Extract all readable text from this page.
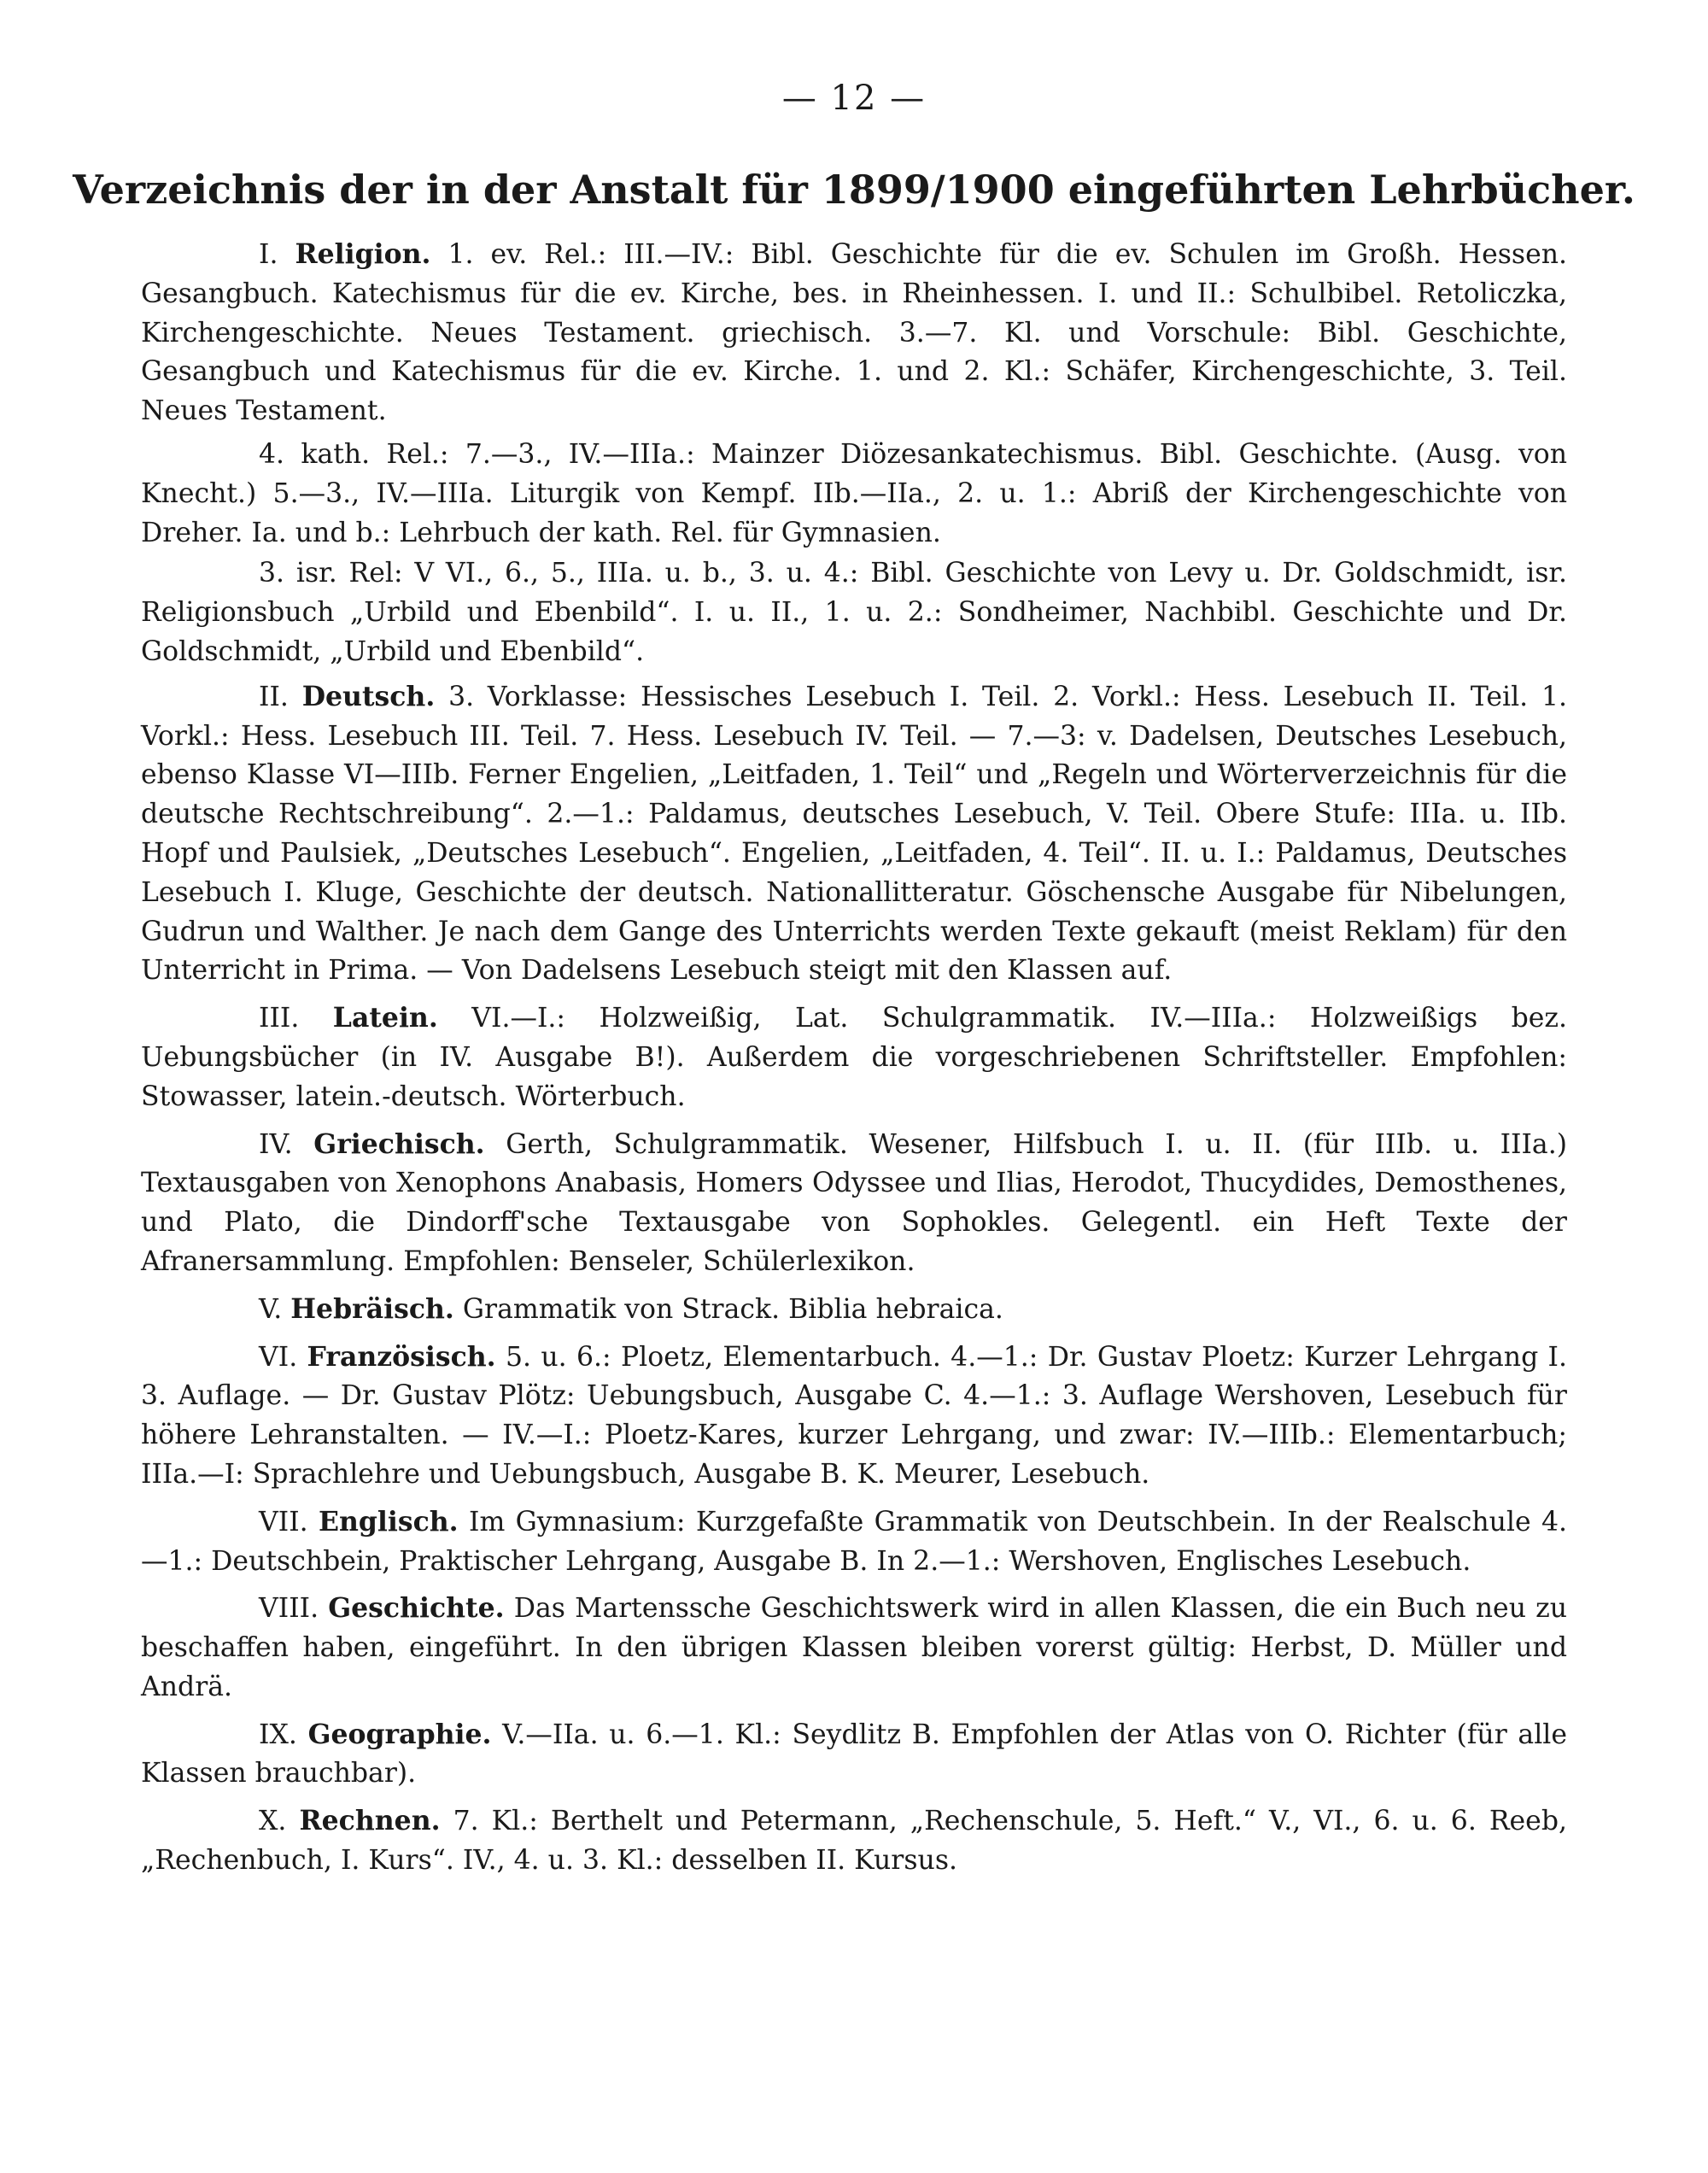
— 12 —
Verzeichnis der in der Anstalt für 1899/1900 eingeführten Lehrbücher.

I. Religion. 1. ev. Rel.: III.—IV.: Bibl. Geschichte für die ev. Schulen im Großh. Hessen. Gesangbuch. Katechismus für die ev. Kirche, bes. in Rheinhessen. I. und II.: Schulbibel. Retoliczka, Kirchengeschichte. Neues Testament. griechisch. 3.—7. Kl. und Vorschule: Bibl. Geschichte, Gesangbuch und Katechismus für die ev. Kirche. 1. und 2. Kl.: Schäfer, Kirchengeschichte, 3. Teil. Neues Testament.

4. kath. Rel.: 7.—3., IV.—IIIa.: Mainzer Diözesankatechismus. Bibl. Geschichte. (Ausg. von Knecht.) 5.—3., IV.—IIIa. Liturgik von Kempf. IIb.—IIa., 2. u. 1.: Abriß der Kirchengeschichte von Dreher. Ia. und b.: Lehrbuch der kath. Rel. für Gymnasien.

3. isr. Rel: V VI., 6., 5., IIIa. u. b., 3. u. 4.: Bibl. Geschichte von Levy u. Dr. Goldschmidt, isr. Religionsbuch „Urbild und Ebenbild“. I. u. II., 1. u. 2.: Sondheimer, Nachbibl. Geschichte und Dr. Goldschmidt, „Urbild und Ebenbild“.

II. Deutsch. 3. Vorklasse: Hessisches Lesebuch I. Teil. 2. Vorkl.: Hess. Lesebuch II. Teil. 1. Vorkl.: Hess. Lesebuch III. Teil. 7. Hess. Lesebuch IV. Teil. — 7.—3: v. Dadelsen, Deutsches Lesebuch, ebenso Klasse VI—IIIb. Ferner Engelien, „Leitfaden, 1. Teil“ und „Regeln und Wörterverzeichnis für die deutsche Rechtschreibung“. 2.—1.: Paldamus, deutsches Lesebuch, V. Teil. Obere Stufe: IIIa. u. IIb. Hopf und Paulsiek, „Deutsches Lesebuch“. Engelien, „Leitfaden, 4. Teil“. II. u. I.: Paldamus, Deutsches Lesebuch I. Kluge, Geschichte der deutsch. Nationallitteratur. Göschensche Ausgabe für Nibelungen, Gudrun und Walther. Je nach dem Gange des Unterrichts werden Texte gekauft (meist Reklam) für den Unterricht in Prima. — Von Dadelsens Lesebuch steigt mit den Klassen auf.

III. Latein. VI.—I.: Holzweißig, Lat. Schulgrammatik. IV.—IIIa.: Holzweißigs bez. Uebungsbücher (in IV. Ausgabe B!). Außerdem die vorgeschriebenen Schriftsteller. Empfohlen: Stowasser, latein.-deutsch. Wörterbuch.

IV. Griechisch. Gerth, Schulgrammatik. Wesener, Hilfsbuch I. u. II. (für IIIb. u. IIIa.) Textausgaben von Xenophons Anabasis, Homers Odyssee und Ilias, Herodot, Thucydides, Demosthenes, und Plato, die Dindorff'sche Textausgabe von Sophokles. Gelegentl. ein Heft Texte der Afranersammlung. Empfohlen: Benseler, Schülerlexikon.

V. Hebräisch. Grammatik von Strack. Biblia hebraica.

VI. Französisch. 5. u. 6.: Ploetz, Elementarbuch. 4.—1.: Dr. Gustav Ploetz: Kurzer Lehrgang I. 3. Auflage. — Dr. Gustav Plötz: Uebungsbuch, Ausgabe C. 4.—1.: 3. Auflage Wershoven, Lesebuch für höhere Lehranstalten. — IV.—I.: Ploetz-Kares, kurzer Lehrgang, und zwar: IV.—IIIb.: Elementarbuch; IIIa.—I: Sprachlehre und Uebungsbuch, Ausgabe B. K. Meurer, Lesebuch.

VII. Englisch. Im Gymnasium: Kurzgefaßte Grammatik von Deutschbein. In der Realschule 4.—1.: Deutschbein, Praktischer Lehrgang, Ausgabe B. In 2.—1.: Wershoven, Englisches Lesebuch.

VIII. Geschichte. Das Martenssche Geschichtswerk wird in allen Klassen, die ein Buch neu zu beschaffen haben, eingeführt. In den übrigen Klassen bleiben vorerst gültig: Herbst, D. Müller und Andrä.

IX. Geographie. V.—IIa. u. 6.—1. Kl.: Seydlitz B. Empfohlen der Atlas von O. Richter (für alle Klassen brauchbar).

X. Rechnen. 7. Kl.: Berthelt und Petermann, „Rechenschule, 5. Heft.“ V., VI., 6. u. 6. Reeb, „Rechenbuch, I. Kurs“. IV., 4. u. 3. Kl.: desselben II. Kursus.
